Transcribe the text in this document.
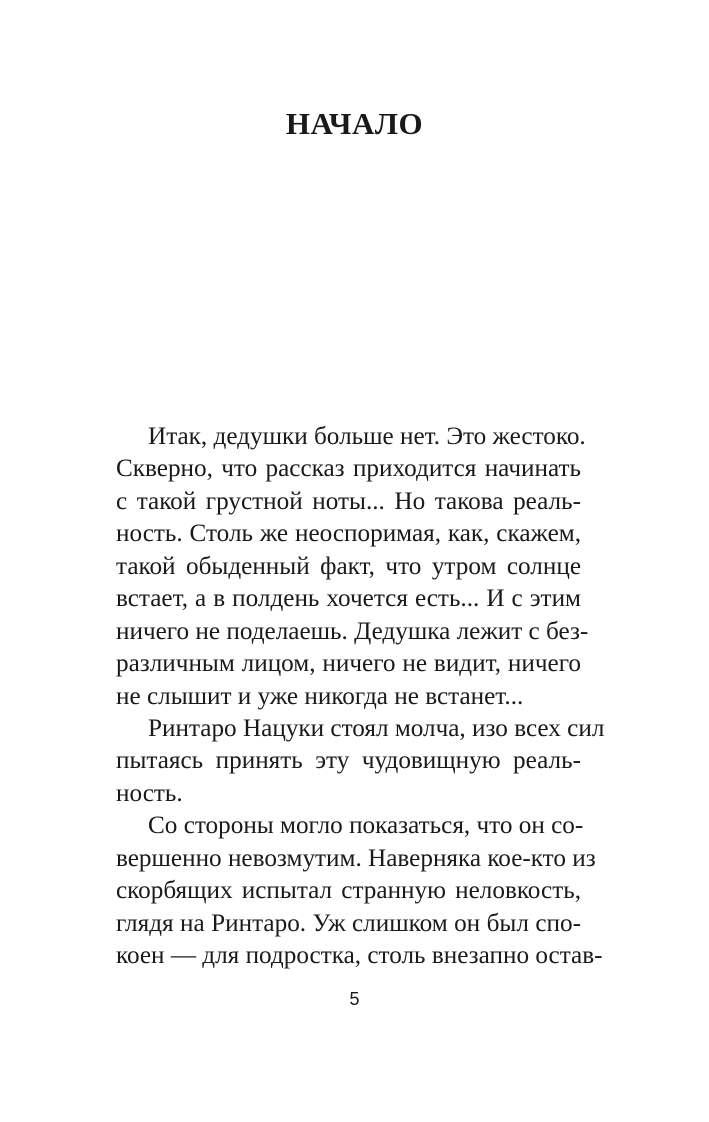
НАЧАЛО
Итак, дедушки больше нет. Это жестоко.
Скверно, что рассказ приходится начинать
с такой грустной ноты... Но такова реаль-
ность. Столь же неоспоримая, как, скажем,
такой обыденный факт, что утром солнце
встает, а в полдень хочется есть... И с этим
ничего не поделаешь. Дедушка лежит с без-
различным лицом, ничего не видит, ничего
не слышит и уже никогда не встанет...
Ринтаро Нацуки стоял молча, изо всех сил
пытаясь принять эту чудовищную реаль-
ность.
Со стороны могло показаться, что он со-
вершенно невозмутим. Наверняка кое-кто из
скорбящих испытал странную неловкость,
глядя на Ринтаро. Уж слишком он был спо-
коен — для подростка, столь внезапно остав-
5
